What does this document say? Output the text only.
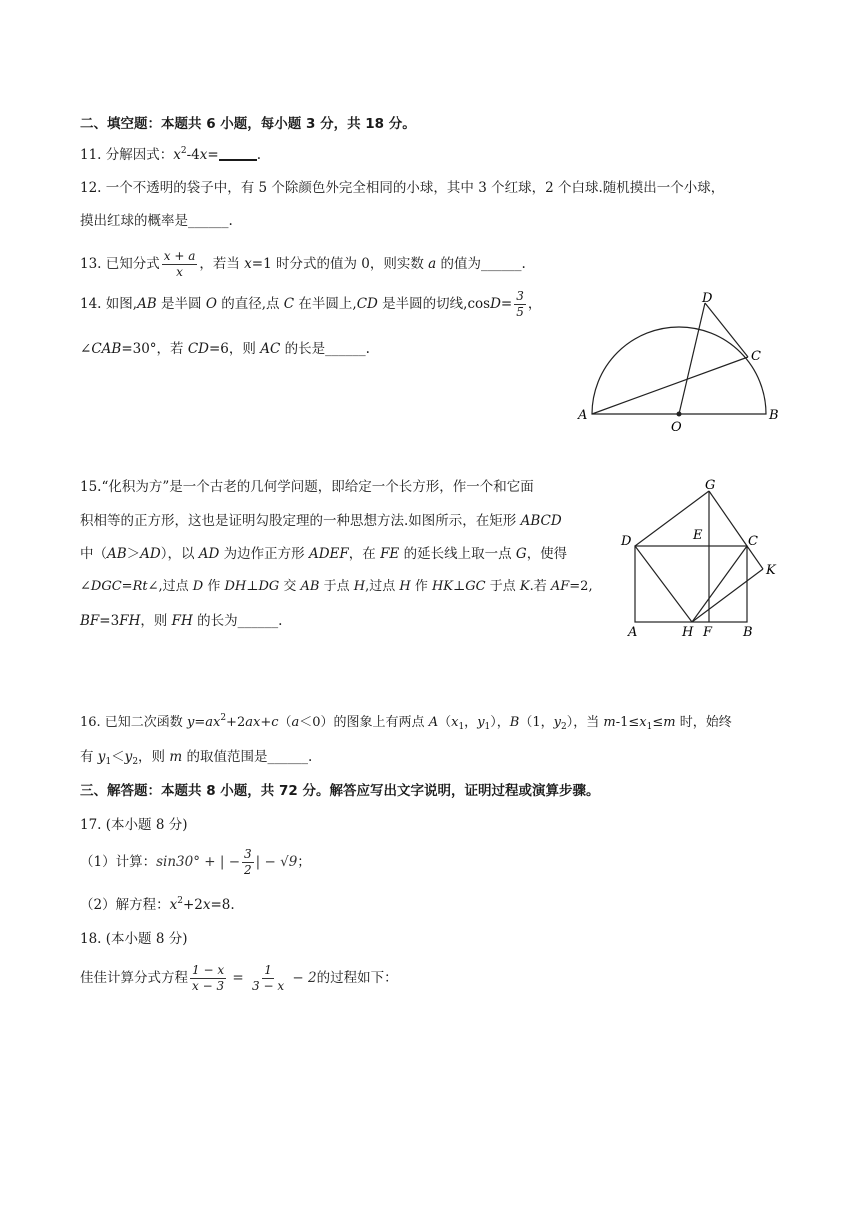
二、填空题：本题共 6 小题，每小题 3 分，共 18 分。
11. 分解因式：$x^2-4x=$	.
12. 一个不透明的袋子中，有 5 个除颜色外完全相同的小球，其中 3 个红球，2 个白球.随机摸出一个小球，
摸出红球的概率是______.
13. 已知分式 $\frac{x + a}{x}$ ，若当 x=1 时分式的值为 0，则实数 a 的值为______.
14. 如图,AB 是半圆 O 的直径,点 C 在半圆上,CD 是半圆的切线$,\cos D= \frac{3}{5}$ ，
∠CAB=30°，若 CD=6，则 AC 的长是______.
D
C
A	B
O
15.“化积为方”是一个古老的几何学问题，即给定一个长方形，作一个和它面
积相等的正方形，这也是证明勾股定理的一种思想方法.如图所示，在矩形 ABCD
中（AB＞AD），以 AD 为边作正方形 ADEF，在 FE 的延长线上取一点 G，使得
∠DGC=Rt∠,过点 D 作 DH⊥DG 交 AB 于点 H,过点 H 作 HK⊥GC 于点 K.若 AF=2,
BF=3FH，则 FH 的长为______.
G
D	E	C
K
A	H F B
16. 已知二次函数 $y=ax^2+2ax+c(a<0)$的图象上有两点 $A(x_1$，$y_1$），B（1，$y_2$），当 $m-1\le x_1\le m$ 时，始终
有 $y_1<y_2$，则 m 的取值范围是______.
三、解答题：本题共 8 小题，共 72 分。解答应写出文字说明，证明过程或演算步骤。
17. (本小题 8 分)
（1）计算：sin30° + | − $\frac{3}{2}$ | − √9；
（2）解方程：$x^2+2x=8$.
18. (本小题 8 分)
佳佳计算分式方程 $\frac{1 - x}{x - 3} = \frac{1}{3 - x} - 2$的过程如下：
